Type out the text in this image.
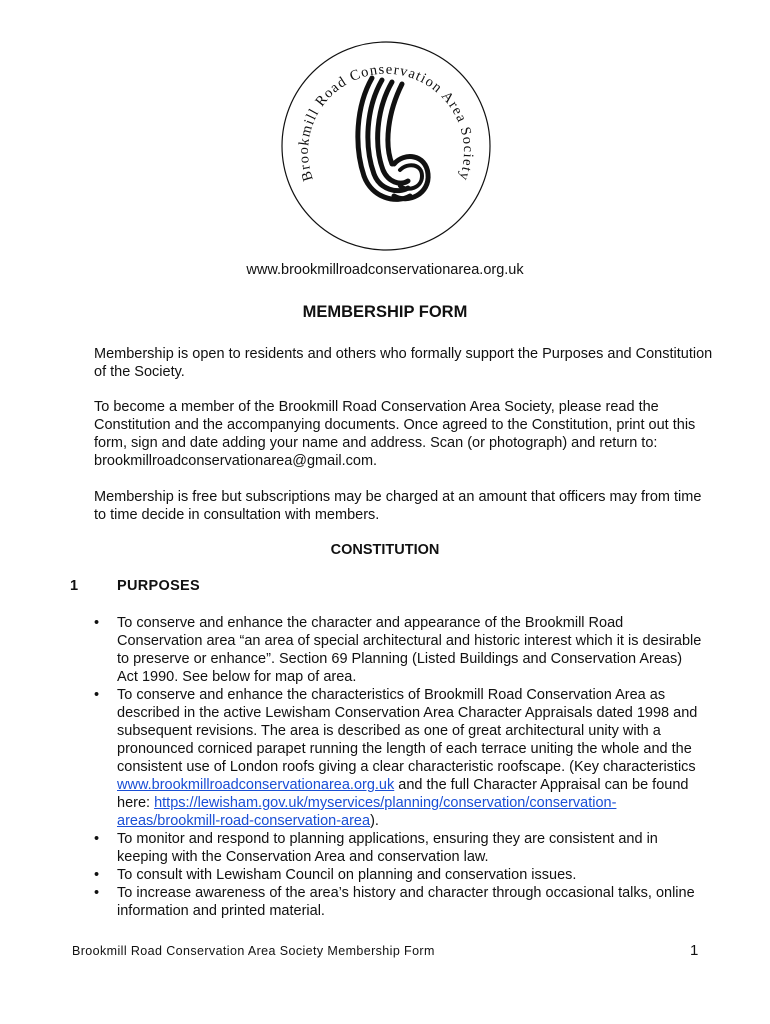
Brookmill Road Conservation Area Society
www.brookmillroadconservationarea.org.uk
MEMBERSHIP FORM

Membership is open to residents and others who formally support the Purposes and Constitution of the Society.

To become a member of the Brookmill Road Conservation Area Society, please read the Constitution and the accompanying documents. Once agreed to the Constitution, print out this form, sign and date adding your name and address. Scan (or photograph) and return to: brookmillroadconservationarea@gmail.com.

Membership is free but subscriptions may be charged at an amount that officers may from time to time decide in consultation with members.

CONSTITUTION
1	PURPOSES
• To conserve and enhance the character and appearance of the Brookmill Road Conservation area “an area of special architectural and historic interest which it is desirable to preserve or enhance”. Section 69 Planning (Listed Buildings and Conservation Areas) Act 1990. See below for map of area.
• To conserve and enhance the characteristics of Brookmill Road Conservation Area as described in the active Lewisham Conservation Area Character Appraisals dated 1998 and subsequent revisions. The area is described as one of great architectural unity with a pronounced corniced parapet running the length of each terrace uniting the whole and the consistent use of London roofs giving a clear characteristic roofscape. (Key characteristics www.brookmillroadconservationarea.org.uk and the full Character Appraisal can be found here: https://lewisham.gov.uk/myservices/planning/conservation/conservation-areas/brookmill-road-conservation-area).
• To monitor and respond to planning applications, ensuring they are consistent and in keeping with the Conservation Area and conservation law.
• To consult with Lewisham Council on planning and conservation issues.
• To increase awareness of the area’s history and character through occasional talks, online information and printed material.
Brookmill Road Conservation Area Society Membership Form	1
